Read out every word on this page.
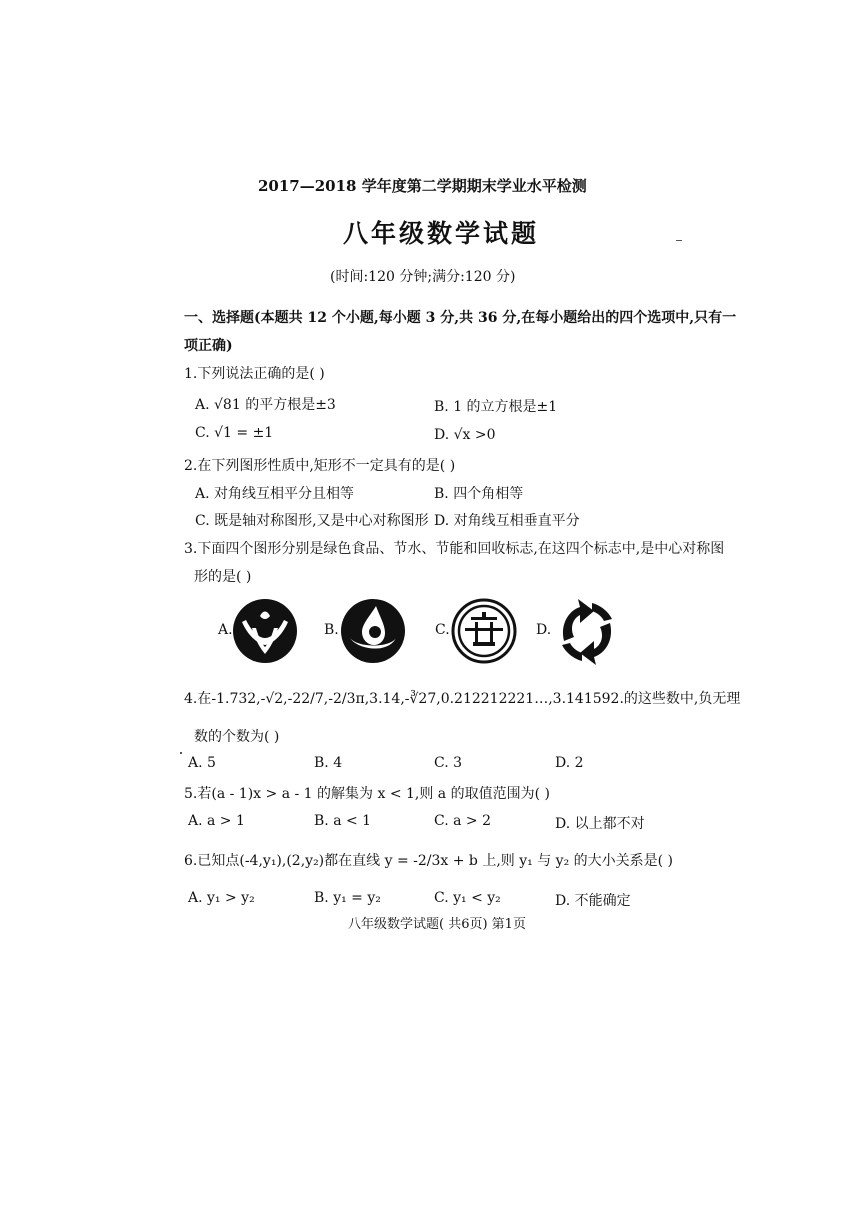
2017—2018 学年度第二学期期末学业水平检测
八年级数学试题
(时间:120 分钟;满分:120 分)
一、选择题(本题共 12 个小题,每小题 3 分,共 36 分,在每小题给出的四个选项中,只有一
项正确)
1.下列说法正确的是( )
A. √81 的平方根是±3	B. 1 的立方根是±1
C. √1 = ±1	D. √x >0
2.在下列图形性质中,矩形不一定具有的是( )
A. 对角线互相平分且相等	B. 四个角相等
C. 既是轴对称图形,又是中心对称图形 D. 对角线互相垂直平分
3.下面四个图形分别是绿色食品、节水、节能和回收标志,在这四个标志中,是中心对称图
形的是( )
A.	B.	C.	D.
4.在-1.732,-√2,-22/7,-2/3π,3.14,-∛27,0.212212221…,3.141592.的这些数中,负无理
数的个数为( )
A. 5	B. 4	C. 3	D. 2
5.若(a - 1)x > a - 1 的解集为 x < 1,则 a 的取值范围为( )
A. a > 1	B. a < 1	C. a > 2	D. 以上都不对
6.已知点(-4,y₁),(2,y₂)都在直线 y = -2/3x + b 上,则 y₁ 与 y₂ 的大小关系是( )
A. y₁ > y₂	B. y₁ = y₂	C. y₁ < y₂	D. 不能确定
八年级数学试题( 共6页) 第1页
